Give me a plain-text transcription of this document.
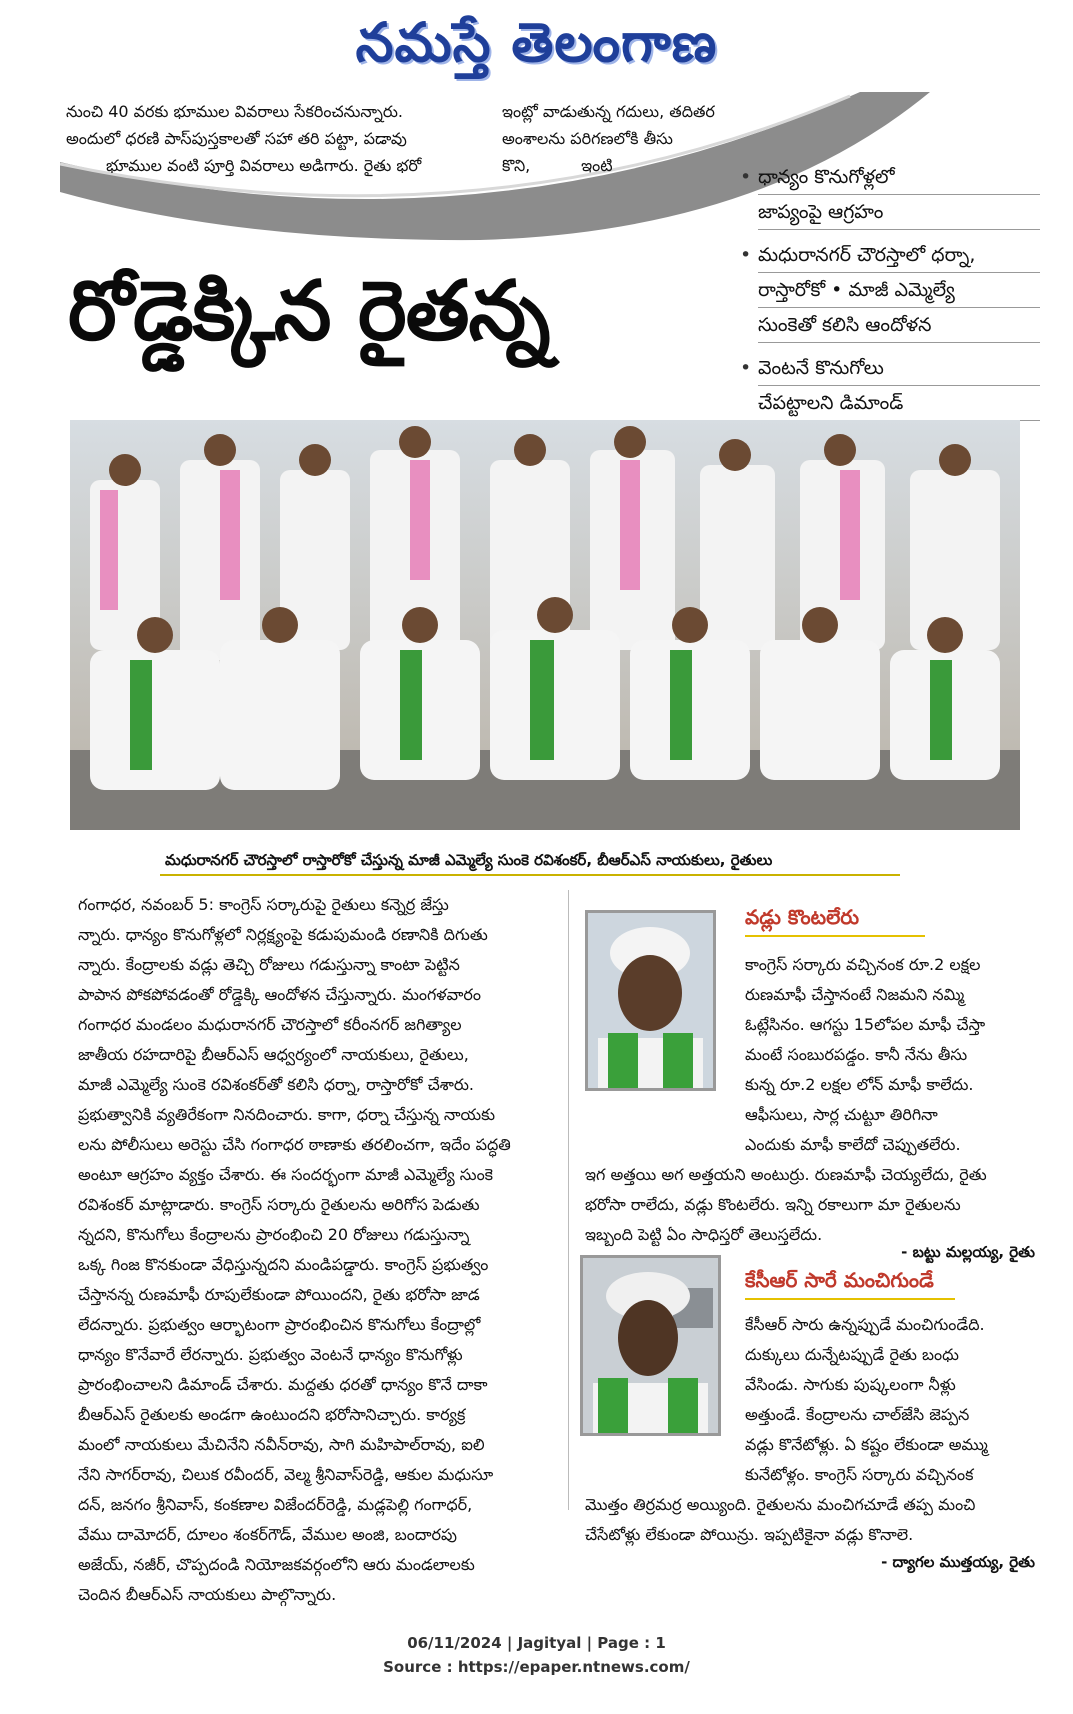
నమస్తే తెలంగాణ

నుంచి 40 వరకు భూముల వివరాలు సేకరించనున్నారు.

అందులో ధరణి పాస్‌పుస్తకాలతో సహా తరి పట్టా, పడావు

భూముల వంటి పూర్తి వివరాలు అడిగారు. రైతు భరో

ఇంట్లో వాడుతున్న గదులు, తదితర

అంశాలను పరిగణలోకి తీసు

కొని,          ఇంటి

• ధాన్యం కొనుగోళ్లలో
జాప్యంపై ఆగ్రహం
• మధురానగర్ చౌరస్తాలో ధర్నా,
రాస్తారోకో • మాజీ ఎమ్మెల్యే
సుంకెతో కలిసి ఆందోళన
• వెంటనే కొనుగోలు
చేపట్టాలని డిమాండ్
రోడ్డెక్కిన రైతన్న
మధురానగర్ చౌరస్తాలో రాస్తారోకో చేస్తున్న మాజీ ఎమ్మెల్యే సుంకె రవిశంకర్, బీఆర్‌ఎస్ నాయకులు, రైతులు

గంగాధర, నవంబర్ 5: కాంగ్రెస్ సర్కారుపై రైతులు కన్నెర్ర జేస్తు

న్నారు. ధాన్యం కొనుగోళ్లలో నిర్లక్ష్యంపై కడుపుమండి రణానికి దిగుతు

న్నారు. కేంద్రాలకు వడ్లు తెచ్చి రోజులు గడుస్తున్నా కాంటా పెట్టిన

పాపాన పోకపోవడంతో రోడ్డెక్కి ఆందోళన చేస్తున్నారు. మంగళవారం

గంగాధర మండలం మధురానగర్ చౌరస్తాలో కరీంనగర్ జగిత్యాల

జాతీయ రహదారిపై బీఆర్‌ఎస్ ఆధ్వర్యంలో నాయకులు, రైతులు,

మాజీ ఎమ్మెల్యే సుంకె రవిశంకర్‌తో కలిసి ధర్నా, రాస్తారోకో చేశారు.

ప్రభుత్వానికి వ్యతిరేకంగా నినదించారు. కాగా, ధర్నా చేస్తున్న నాయకు

లను పోలీసులు అరెస్టు చేసి గంగాధర ఠాణాకు తరలించగా, ఇదేం పద్ధతి

అంటూ ఆగ్రహం వ్యక్తం చేశారు. ఈ సందర్భంగా మాజీ ఎమ్మెల్యే సుంకె

రవిశంకర్ మాట్లాడారు. కాంగ్రెస్ సర్కారు రైతులను అరిగోస పెడుతు

న్నదని, కొనుగోలు కేంద్రాలను ప్రారంభించి 20 రోజులు గడుస్తున్నా

ఒక్క గింజ కొనకుండా వేధిస్తున్నదని మండిపడ్డారు. కాంగ్రెస్ ప్రభుత్వం

చేస్తానన్న రుణమాఫీ రూపులేకుండా పోయిందని, రైతు భరోసా జాడ

లేదన్నారు. ప్రభుత్వం ఆర్భాటంగా ప్రారంభించిన కొనుగోలు కేంద్రాల్లో

ధాన్యం కొనేవారే లేరన్నారు. ప్రభుత్వం వెంటనే ధాన్యం కొనుగోళ్లు

ప్రారంభించాలని డిమాండ్ చేశారు. మద్దతు ధరతో ధాన్యం కొనే దాకా

బీఆర్‌ఎస్ రైతులకు అండగా ఉంటుందని భరోసానిచ్చారు. కార్యక్ర

మంలో నాయకులు మేచినేని నవీన్‌రావు, సాగి మహిపాల్‌రావు, ఐలి

నేని సాగర్‌రావు, చిలుక రవీందర్, వెల్మ శ్రీనివాస్‌రెడ్డి, ఆకుల మధుసూ

దన్, జనగం శ్రీనివాస్, కంకణాల విజేందర్‌రెడ్డి, మడ్లపెల్లి గంగాధర్,

వేము దామోదర్, దూలం శంకర్‌గౌడ్, వేముల అంజి, బందారపు

అజేయ్, నజీర్, చొప్పదండి నియోజకవర్గంలోని ఆరు మండలాలకు

చెందిన బీఆర్‌ఎస్ నాయకులు పాల్గొన్నారు.

వడ్లు కొంటలేరు

కాంగ్రెస్ సర్కారు వచ్చినంక రూ.2 లక్షల

రుణమాఫీ చేస్తానంటే నిజమని నమ్మి

ఓట్లేసినం. ఆగస్టు 15లోపల మాఫీ చేస్తా

మంటే సంబురపడ్డం. కానీ నేను తీసు

కున్న రూ.2 లక్షల లోన్ మాఫీ కాలేదు.

ఆఫీసులు, సార్ల చుట్టూ తిరిగినా

ఎందుకు మాఫీ కాలేదో చెప్పుతలేరు.

ఇగ అత్తయి అగ అత్తయని అంటుర్రు. రుణమాఫీ చెయ్యలేదు, రైతు

భరోసా రాలేదు, వడ్లు కొంటలేరు. ఇన్ని రకాలుగా మా రైతులను

ఇబ్బంది పెట్టి ఏం సాధిస్తరో తెలుస్తలేదు.

- బట్టు మల్లయ్య, రైతు
కేసీఆర్ సారే మంచిగుండే

కేసీఆర్ సారు ఉన్నప్పుడే మంచిగుండేది.

దుక్కులు దున్నేటప్పుడే రైతు బంధు

వేసిండు. సాగుకు పుష్కలంగా నీళ్లు

అత్తుండే. కేంద్రాలను చాల్‌జేసి జెప్పన

వడ్లు కొనేటోళ్లు. ఏ కష్టం లేకుండా అమ్ము

కునేటోళ్లం. కాంగ్రెస్ సర్కారు వచ్చినంక

మొత్తం తిర్రమర్ర అయ్యింది. రైతులను మంచిగచూడే తప్ప మంచి

చేసేటోళ్లు లేకుండా పోయిన్రు. ఇప్పటికైనా వడ్లు కొనాలె.

- ద్యాగల ముత్తయ్య, రైతు
06/11/2024 | Jagityal | Page : 1
Source : https://epaper.ntnews.com/
